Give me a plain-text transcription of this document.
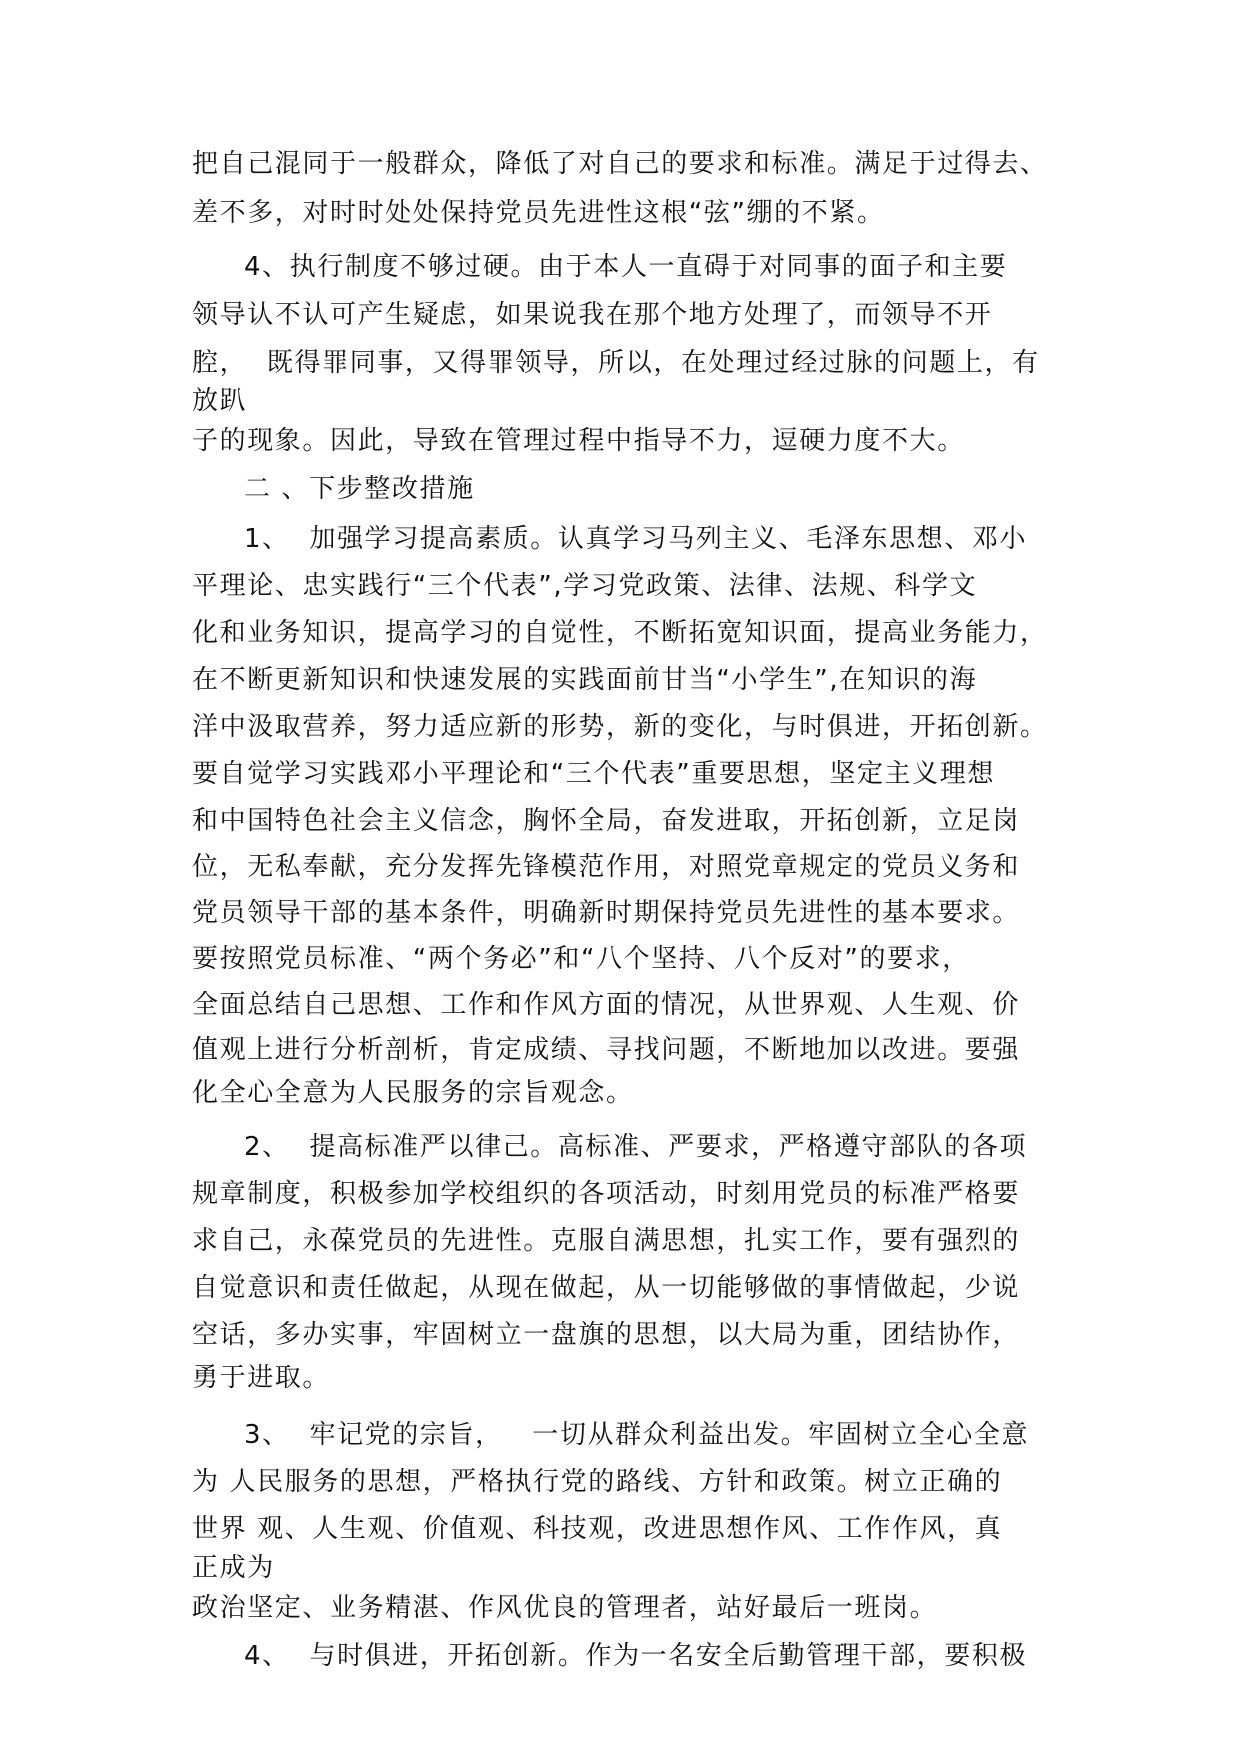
把自己混同于一般群众，降低了对自己的要求和标准。满足于过得去、

差不多，对时时处处保持党员先进性这根“弦”绷的不紧。

4、执行制度不够过硬。由于本人一直碍于对同事的面子和主要

领导认不认可产生疑虑，如果说我在那个地方处理了，而领导不开

腔，  既得罪同事，又得罪领导，所以，在处理过经过脉的问题上，有

放趴

子的现象。因此，导致在管理过程中指导不力，逗硬力度不大。

二 、下步整改措施

1、  加强学习提高素质。认真学习马列主义、毛泽东思想、邓小

平理论、忠实践行“三个代表”,学习党政策、法律、法规、科学文

化和业务知识，提高学习的自觉性，不断拓宽知识面，提高业务能力，

在不断更新知识和快速发展的实践面前甘当“小学生”,在知识的海

洋中汲取营养，努力适应新的形势，新的变化，与时俱进，开拓创新。

要自觉学习实践邓小平理论和“三个代表”重要思想，坚定主义理想

和中国特色社会主义信念，胸怀全局，奋发进取，开拓创新，立足岗

位，无私奉献，充分发挥先锋模范作用，对照党章规定的党员义务和

党员领导干部的基本条件，明确新时期保持党员先进性的基本要求。

要按照党员标准、“两个务必”和“八个坚持、八个反对”的要求，

全面总结自己思想、工作和作风方面的情况，从世界观、人生观、价

值观上进行分析剖析，肯定成绩、寻找问题，不断地加以改进。要强

化全心全意为人民服务的宗旨观念。

2、  提高标准严以律己。高标准、严要求，严格遵守部队的各项

规章制度，积极参加学校组织的各项活动，时刻用党员的标准严格要

求自己，永葆党员的先进性。克服自满思想，扎实工作，要有强烈的

自觉意识和责任做起，从现在做起，从一切能够做的事情做起，少说

空话，多办实事，牢固树立一盘旗的思想，以大局为重，团结协作，

勇于进取。

3、  牢记党的宗旨，   一切从群众利益出发。牢固树立全心全意

为 人民服务的思想，严格执行党的路线、方针和政策。树立正确的

世界 观、人生观、价值观、科技观，改进思想作风、工作作风，真

正成为

政治坚定、业务精湛、作风优良的管理者，站好最后一班岗。

4、  与时俱进，开拓创新。作为一名安全后勤管理干部，要积极
